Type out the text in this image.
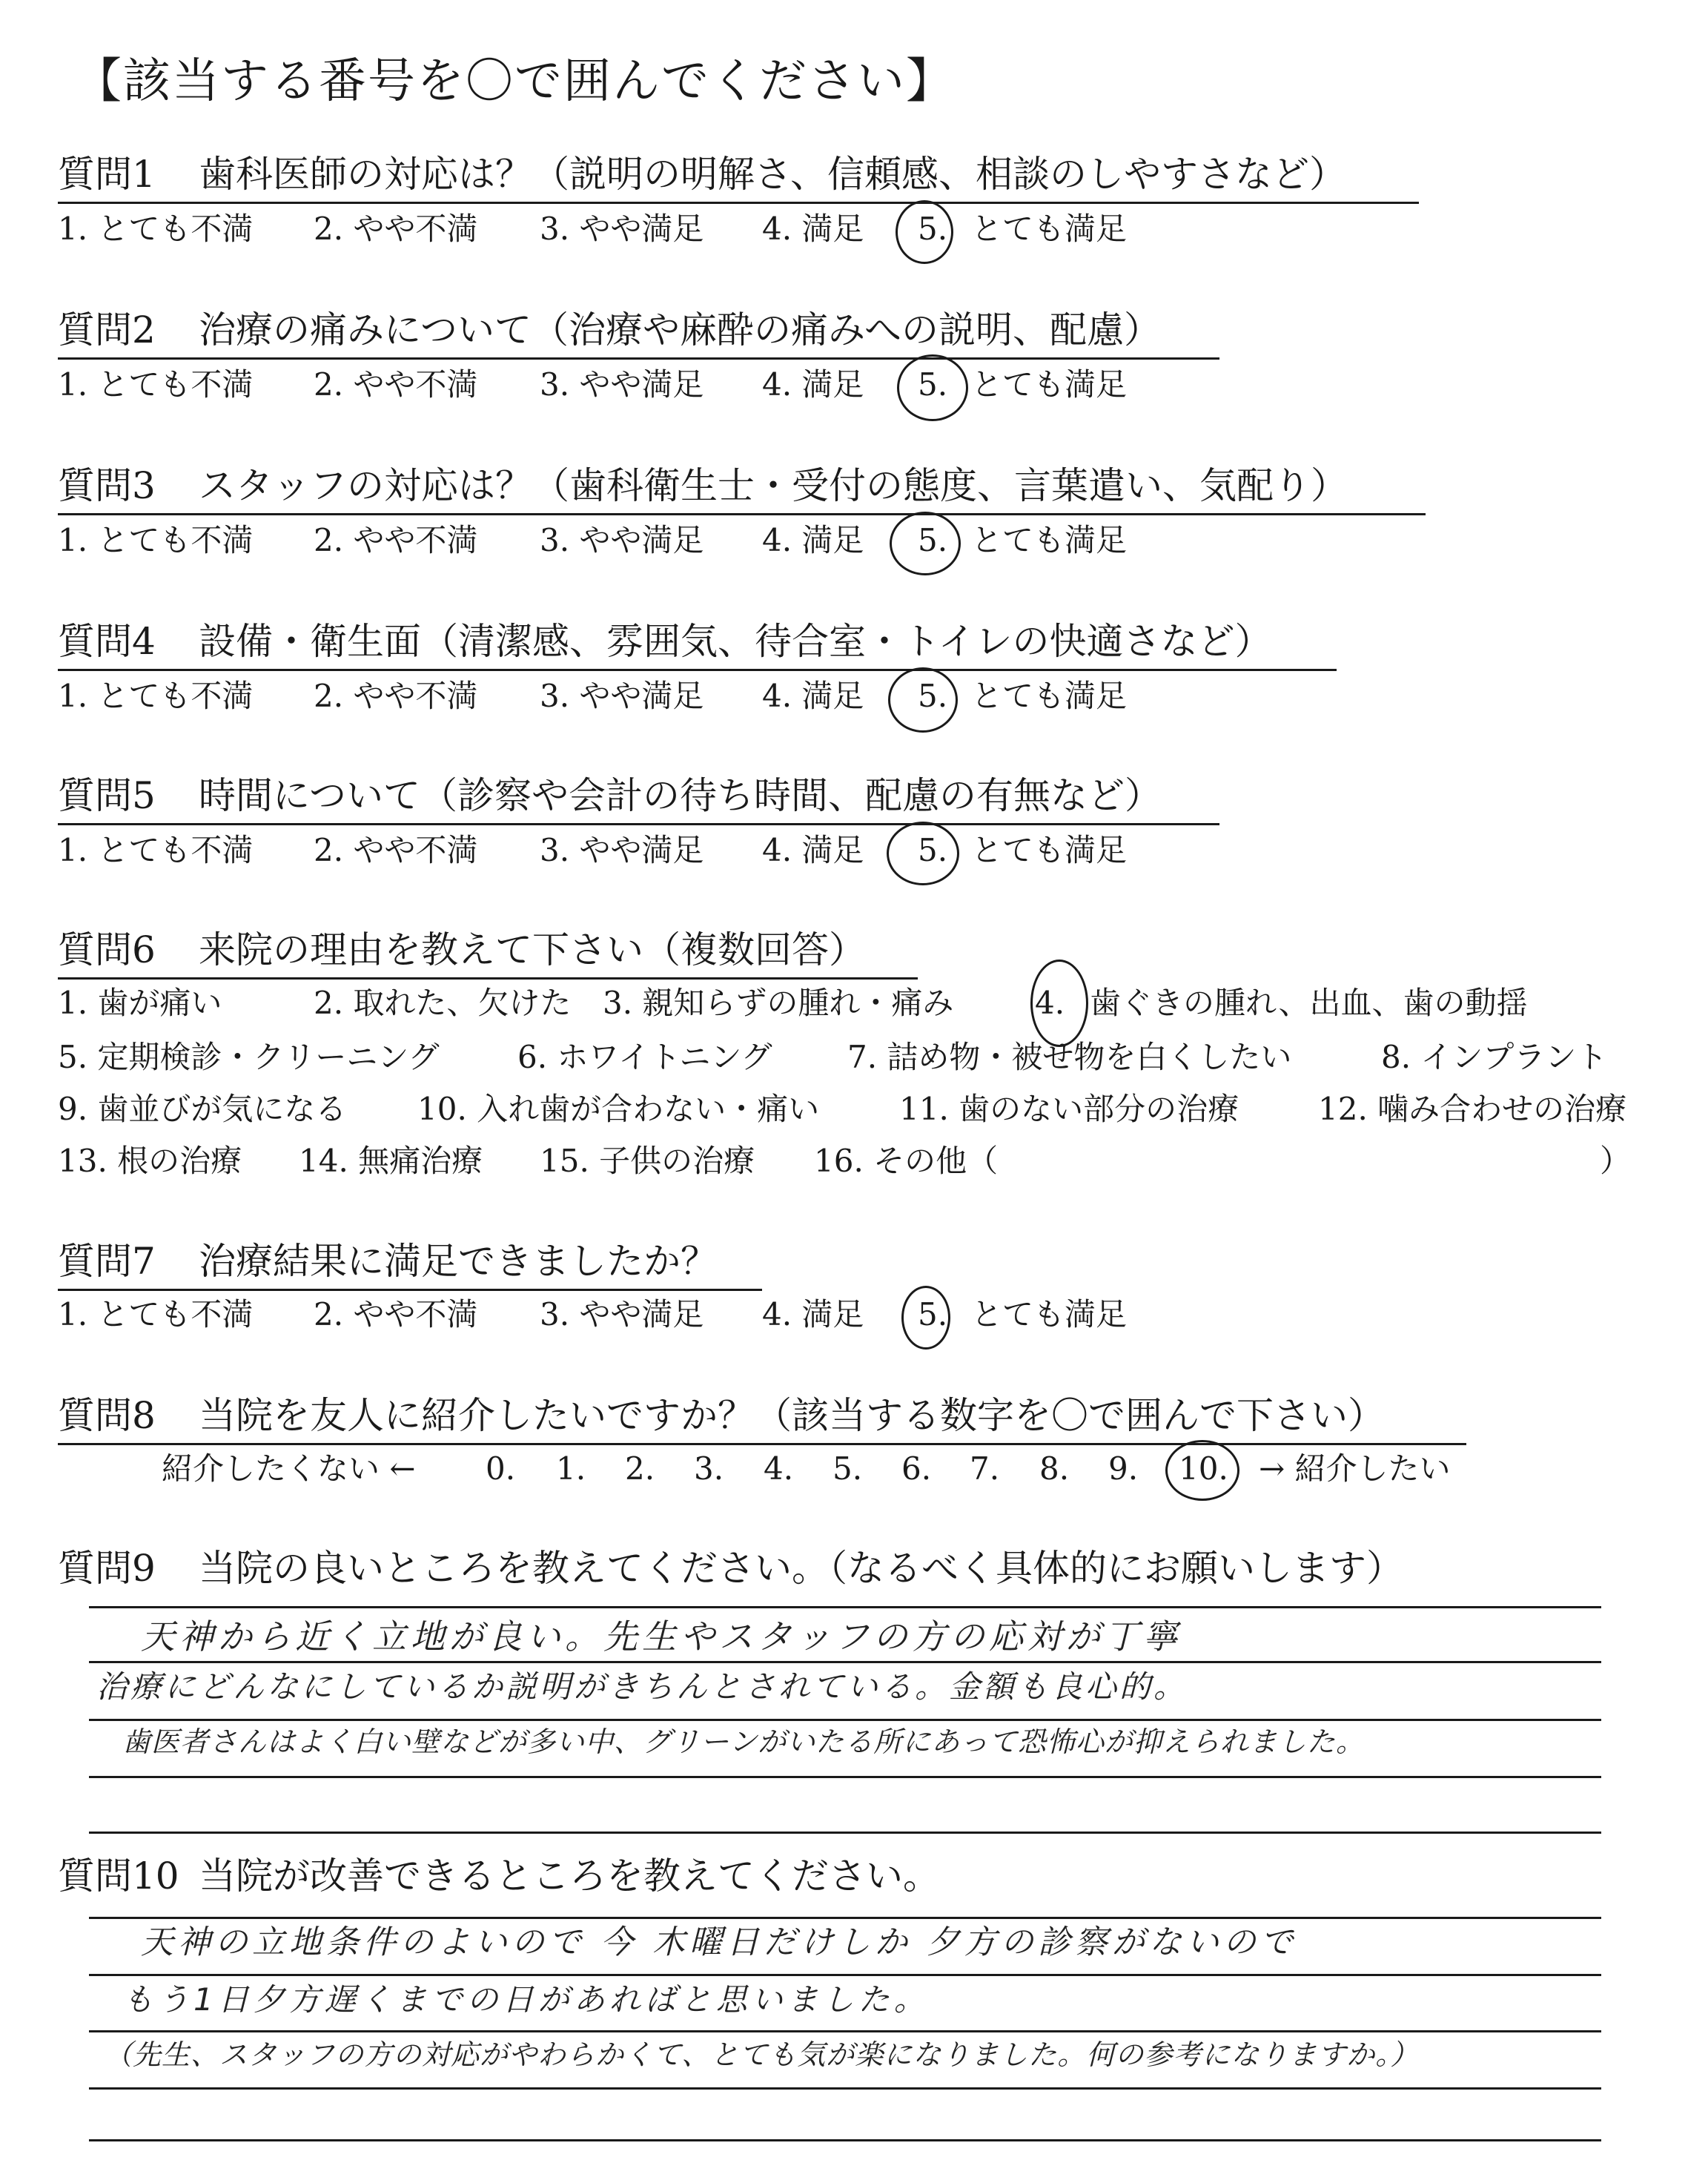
【該当する番号を〇で囲んでください】
質問1 歯科医師の対応は？（説明の明解さ、信頼感、相談のしやすさなど）
1. とても不満 2. やや不満 3. やや満足 4. 満足 5. とても満足
質問2 治療の痛みについて（治療や麻酔の痛みへの説明、配慮）
1. とても不満 2. やや不満 3. やや満足 4. 満足 5. とても満足
質問3 スタッフの対応は？（歯科衛生士・受付の態度、言葉遣い、気配り）
1. とても不満 2. やや不満 3. やや満足 4. 満足 5. とても満足
質問4 設備・衛生面（清潔感、雰囲気、待合室・トイレの快適さなど）
1. とても不満 2. やや不満 3. やや満足 4. 満足 5. とても満足
質問5 時間について（診察や会計の待ち時間、配慮の有無など）
1. とても不満 2. やや不満 3. やや満足 4. 満足 5. とても満足
質問6 来院の理由を教えて下さい（複数回答）
1. 歯が痛い	2. 取れた、欠けた 3. 親知らずの腫れ・痛み	4. 歯ぐきの腫れ、出血、歯の動揺
5. 定期検診・クリーニング	6. ホワイトニング 7. 詰め物・被せ物を白くしたい	8. インプラント
9. 歯並びが気になる 10. 入れ歯が合わない・痛い	11. 歯のない部分の治療	12. 噛み合わせの治療
13. 根の治療 14. 無痛治療 15. 子供の治療 16. その他（	）
質問7 治療結果に満足できましたか？
1. とても不満 2. やや不満 3. やや満足 4. 満足 5. とても満足
質問8 当院を友人に紹介したいですか？（該当する数字を〇で囲んで下さい）
紹介したくない ← 0. 1. 2. 3. 4. 5. 6. 7. 8. 9. 10. → 紹介したい
質問9 当院の良いところを教えてください。（なるべく具体的にお願いします）
天神から近く立地が良い。先生やスタッフの方の応対が丁寧
治療にどんなにしているか説明がきちんとされている。金額も良心的。
歯医者さんはよく白い壁などが多い中、グリーンがいたる所にあって恐怖心が抑えられました。
質問10 当院が改善できるところを教えてください。
天神の立地条件のよいので 今 木曜日だけしか 夕方の診察がないので
もう1日夕方遅くまでの日があればと思いました。
（先生、スタッフの方の対応がやわらかくて、とても気が楽になりました。何の参考になりますか。）
